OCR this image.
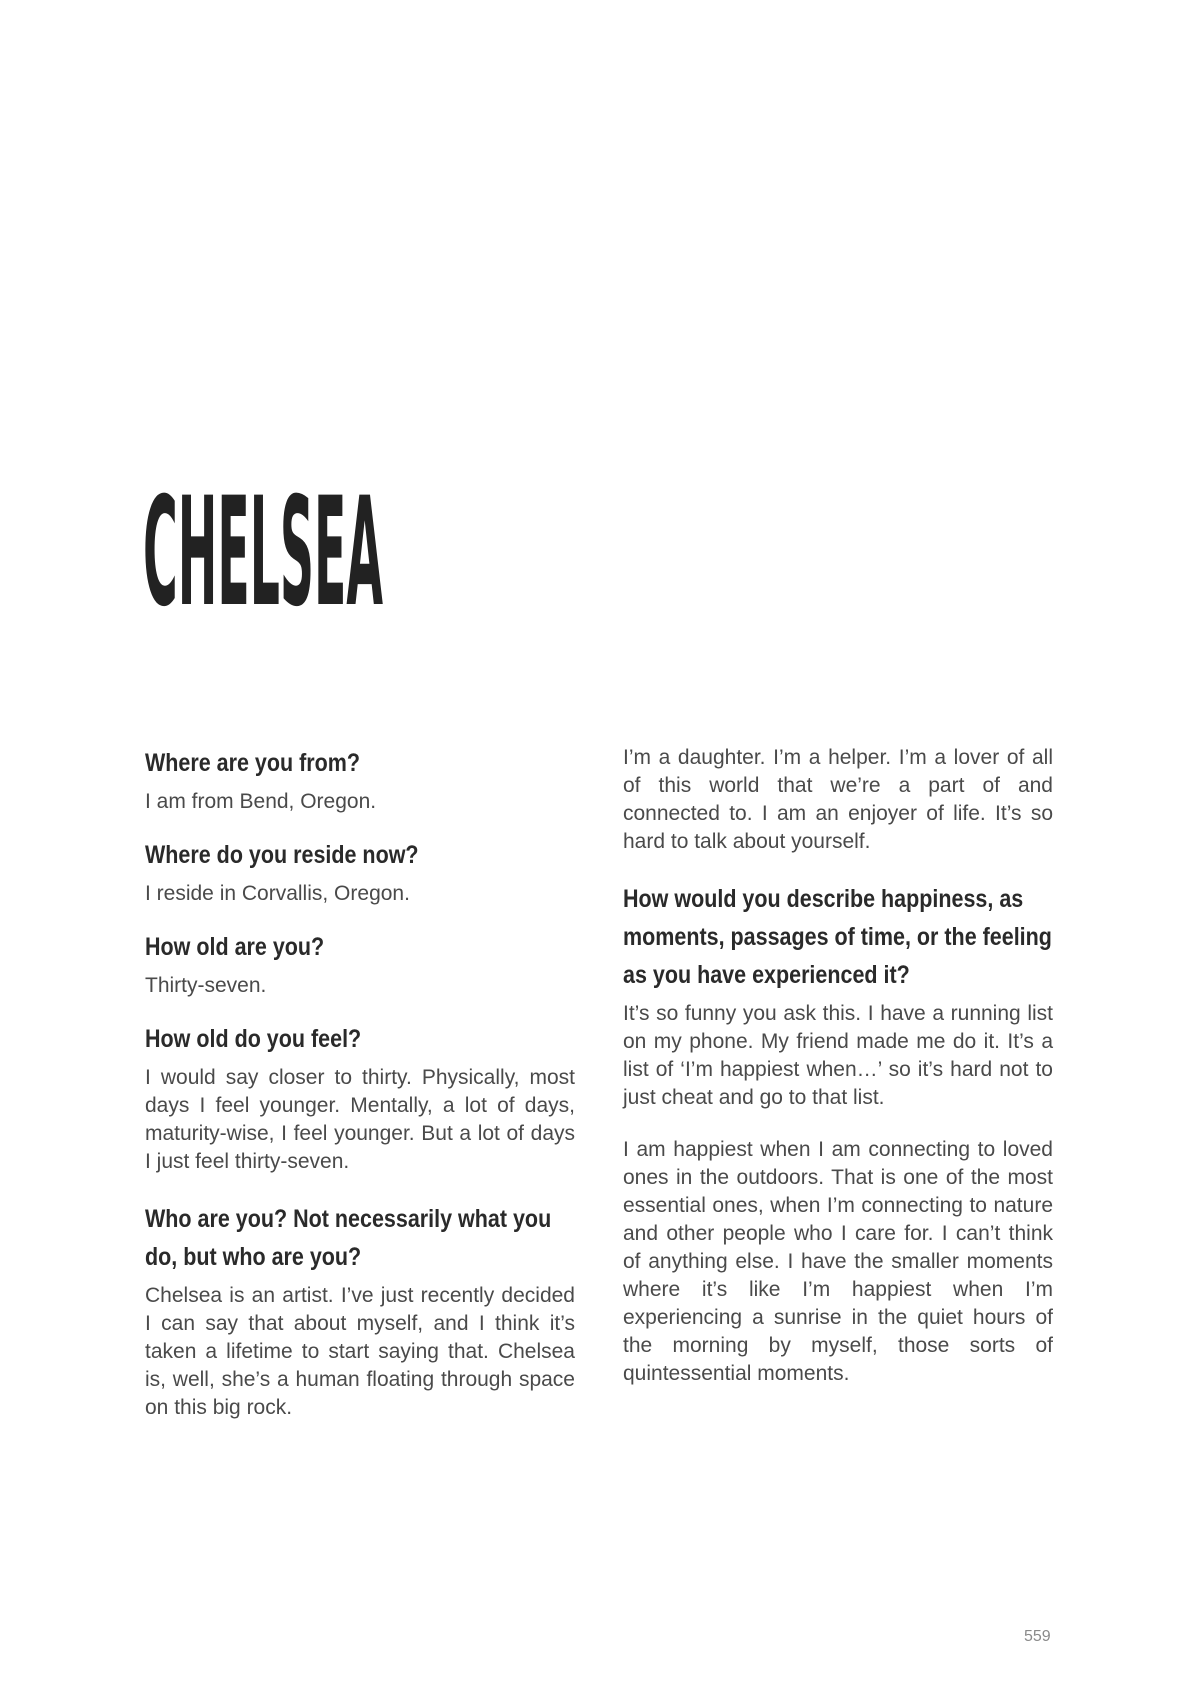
CHELSEA
Where are you from?

I am from Bend, Oregon.

Where do you reside now?

I reside in Corvallis, Oregon.

How old are you?

Thirty-seven.

How old do you feel?

I would say closer to thirty. Physically, most days I feel younger. Mentally, a lot of days, maturity-wise, I feel younger. But a lot of days I just feel thirty-seven.

Who are you? Not necessarily what you do, but who are you?

Chelsea is an artist. I’ve just recently decided I can say that about myself, and I think it’s taken a lifetime to start saying that. Chelsea is, well, she’s a human floating through space on this big rock.

I’m a daughter. I’m a helper. I’m a lover of all of this world that we’re a part of and connected to. I am an enjoyer of life. It’s so hard to talk about yourself.

How would you describe happiness, as moments, passages of time, or the feeling as you have experienced it?

It’s so funny you ask this. I have a running list on my phone. My friend made me do it. It’s a list of ‘I’m happiest when…’ so it’s hard not to just cheat and go to that list.

I am happiest when I am connecting to loved ones in the outdoors. That is one of the most essential ones, when I’m connecting to nature and other people who I care for. I can’t think of anything else. I have the smaller moments where it’s like I’m happiest when I’m experiencing a sunrise in the quiet hours of the morning by myself, those sorts of quintessential moments.

559
